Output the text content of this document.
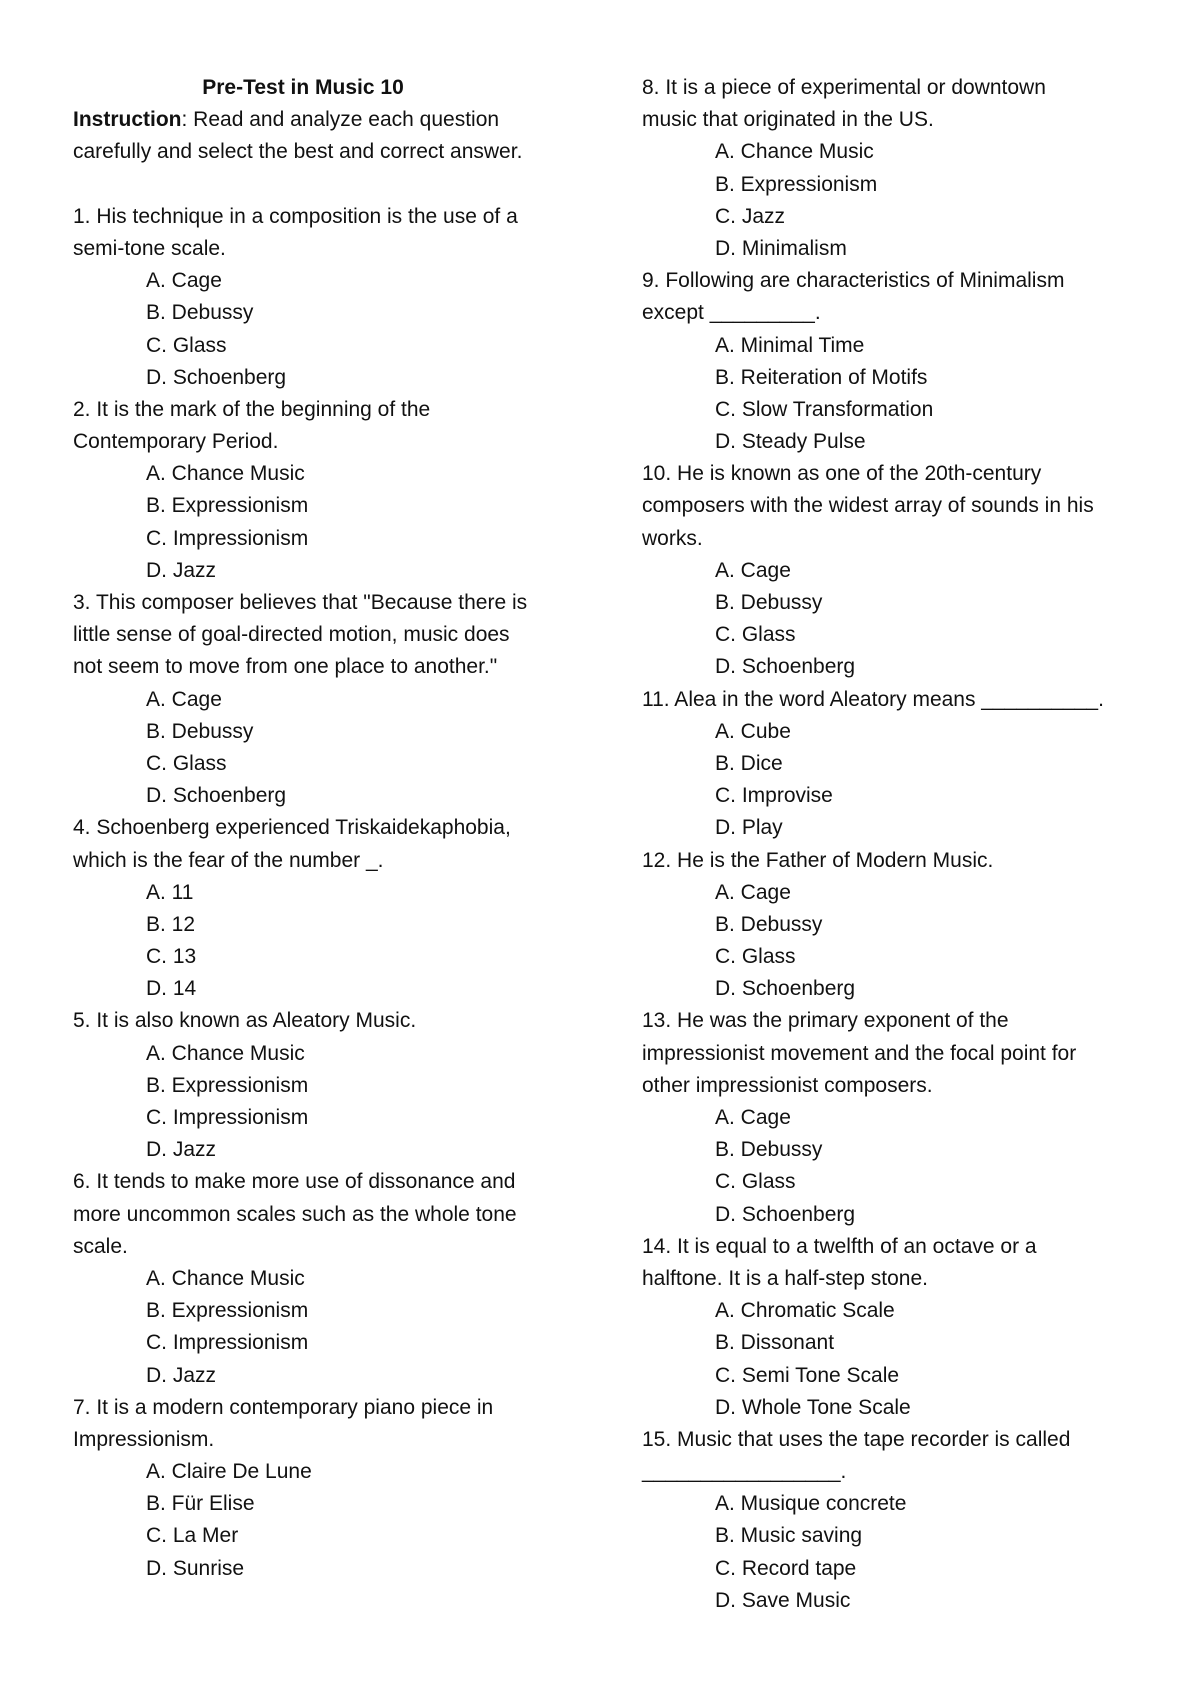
Pre-Test in Music 10
Instruction: Read and analyze each question
carefully and select the best and correct answer.
1. His technique in a composition is the use of a
semi-tone scale.
A. Cage
B. Debussy
C. Glass
D. Schoenberg
2. It is the mark of the beginning of the
Contemporary Period.
A. Chance Music
B. Expressionism
C. Impressionism
D. Jazz
3. This composer believes that "Because there is
little sense of goal-directed motion, music does
not seem to move from one place to another."
A. Cage
B. Debussy
C. Glass
D. Schoenberg
4. Schoenberg experienced Triskaidekaphobia,
which is the fear of the number _.
A. 11
B. 12
C. 13
D. 14
5. It is also known as Aleatory Music.
A. Chance Music
B. Expressionism
C. Impressionism
D. Jazz
6. It tends to make more use of dissonance and
more uncommon scales such as the whole tone
scale.
A. Chance Music
B. Expressionism
C. Impressionism
D. Jazz
7. It is a modern contemporary piano piece in
Impressionism.
A. Claire De Lune
B. Für Elise
C. La Mer
D. Sunrise
8. It is a piece of experimental or downtown
music that originated in the US.
A. Chance Music
B. Expressionism
C. Jazz
D. Minimalism
9. Following are characteristics of Minimalism
except _________.
A. Minimal Time
B. Reiteration of Motifs
C. Slow Transformation
D. Steady Pulse
10. He is known as one of the 20th-century
composers with the widest array of sounds in his
works.
A. Cage
B. Debussy
C. Glass
D. Schoenberg
11. Alea in the word Aleatory means __________.
A. Cube
B. Dice
C. Improvise
D. Play
12. He is the Father of Modern Music.
A. Cage
B. Debussy
C. Glass
D. Schoenberg
13. He was the primary exponent of the
impressionist movement and the focal point for
other impressionist composers.
A. Cage
B. Debussy
C. Glass
D. Schoenberg
14. It is equal to a twelfth of an octave or a
halftone. It is a half-step stone.
A. Chromatic Scale
B. Dissonant
C. Semi Tone Scale
D. Whole Tone Scale
15. Music that uses the tape recorder is called
_________________.
A. Musique concrete
B. Music saving
C. Record tape
D. Save Music
